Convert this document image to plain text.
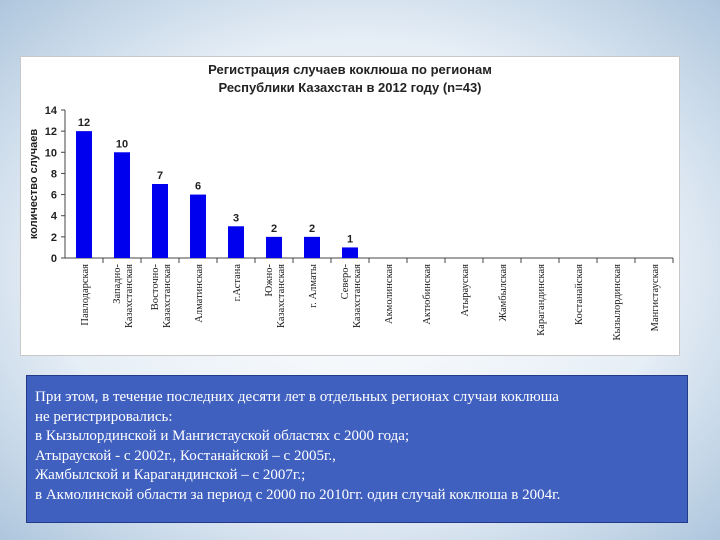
Регистрация случаев коклюша по регионам
Республики Казахстан в 2012 году (n=43)
количество случаев
0
2
4
6
8
10
12
14
12
Павлодарская
10
Западно-Казахстанская
7
Восточно-Казахстанская
6
Алматинская
3
г.Астана
2
Южно-Казахстанская
2
г. Алматы
1
Северо-Казахстанская Акмолинская	Актюбинская	Атырауская	Жамбылская	Карагандинская	Костанайская	Кызылординская	Мангистауская

При этом, в течение последних десяти лет в отдельных регионах случаи коклюша

не регистрировались:

в Кызылординской и Мангистауской областях с 2000 года;

Атырауской - с 2002г., Костанайской – с 2005г.,

Жамбылской и Карагандинской – с 2007г.;

в Акмолинской области за период с 2000 по 2010гг. один случай коклюша в 2004г.
